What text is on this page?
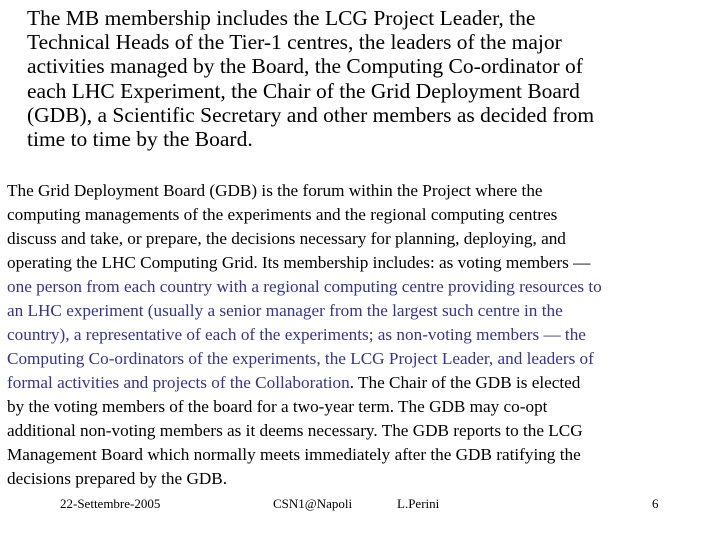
The MB membership includes the LCG Project Leader, the
Technical Heads of the Tier-1 centres, the leaders of the major
activities managed by the Board, the Computing Co-ordinator of
each LHC Experiment, the Chair of the Grid Deployment Board
(GDB), a Scientific Secretary and other members as decided from
time to time by the Board.
The Grid Deployment Board (GDB) is the forum within the Project where the
computing managements of the experiments and the regional computing centres
discuss and take, or prepare, the decisions necessary for planning, deploying, and
operating the LHC Computing Grid. Its membership includes: as voting members —
one person from each country with a regional computing centre providing resources to
an LHC experiment (usually a senior manager from the largest such centre in the
country), a representative of each of the experiments; as non-voting members — the
Computing Co-ordinators of the experiments, the LCG Project Leader, and leaders of
formal activities and projects of the Collaboration. The Chair of the GDB is elected
by the voting members of the board for a two-year term. The GDB may co-opt
additional non-voting members as it deems necessary. The GDB reports to the LCG
Management Board which normally meets immediately after the GDB ratifying the
decisions prepared by the GDB.
22-Settembre-2005	CSN1@Napoli	L.Perini	6
